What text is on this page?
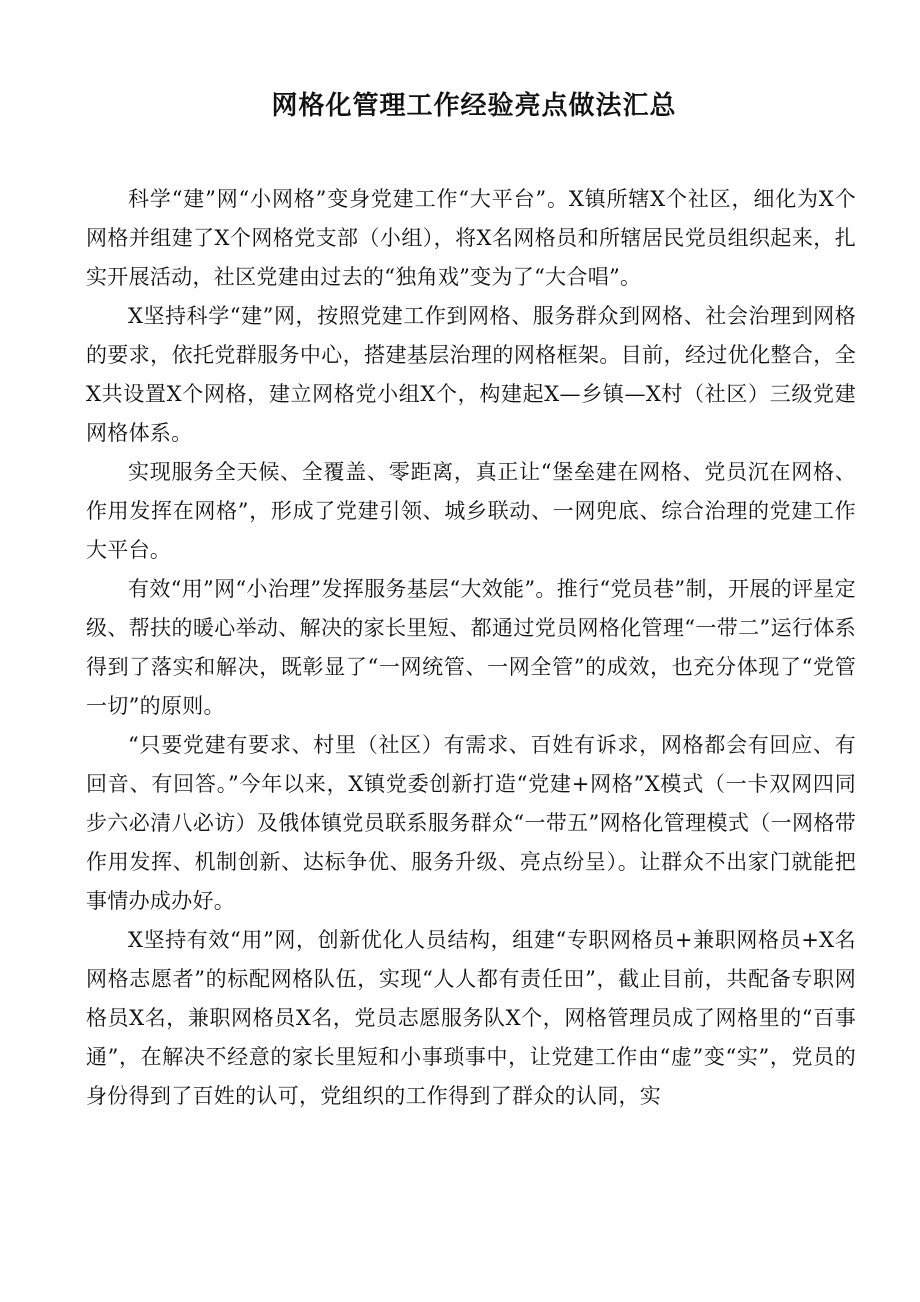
网格化管理工作经验亮点做法汇总

科学“建”网“小网格”变身党建工作“大平台”。X镇所辖X个社区，细化为X个网格并组建了X个网格党支部（小组），将X名网格员和所辖居民党员组织起来，扎实开展活动，社区党建由过去的“独角戏”变为了“大合唱”。

X坚持科学“建”网，按照党建工作到网格、服务群众到网格、社会治理到网格的要求，依托党群服务中心，搭建基层治理的网格框架。目前，经过优化整合，全X共设置X个网格，建立网格党小组X个，构建起X—乡镇—X村（社区）三级党建网格体系。

实现服务全天候、全覆盖、零距离，真正让“堡垒建在网格、党员沉在网格、作用发挥在网格”，形成了党建引领、城乡联动、一网兜底、综合治理的党建工作大平台。

有效“用”网“小治理”发挥服务基层“大效能”。推行“党员巷”制，开展的评星定级、帮扶的暖心举动、解决的家长里短、都通过党员网格化管理“一带二”运行体系得到了落实和解决，既彰显了“一网统管、一网全管”的成效，也充分体现了“党管一切”的原则。

“只要党建有要求、村里（社区）有需求、百姓有诉求，网格都会有回应、有回音、有回答。”今年以来，X镇党委创新打造“党建+网格”X模式（一卡双网四同步六必清八必访）及俄体镇党员联系服务群众“一带五”网格化管理模式（一网格带作用发挥、机制创新、达标争优、服务升级、亮点纷呈）。让群众不出家门就能把事情办成办好。

X坚持有效“用”网，创新优化人员结构，组建“专职网格员+兼职网格员+X名网格志愿者”的标配网格队伍，实现“人人都有责任田”，截止目前，共配备专职网格员X名，兼职网格员X名，党员志愿服务队X个，网格管理员成了网格里的“百事通”，在解决不经意的家长里短和小事琐事中，让党建工作由“虚”变“实”，党员的身份得到了百姓的认可，党组织的工作得到了群众的认同，实
